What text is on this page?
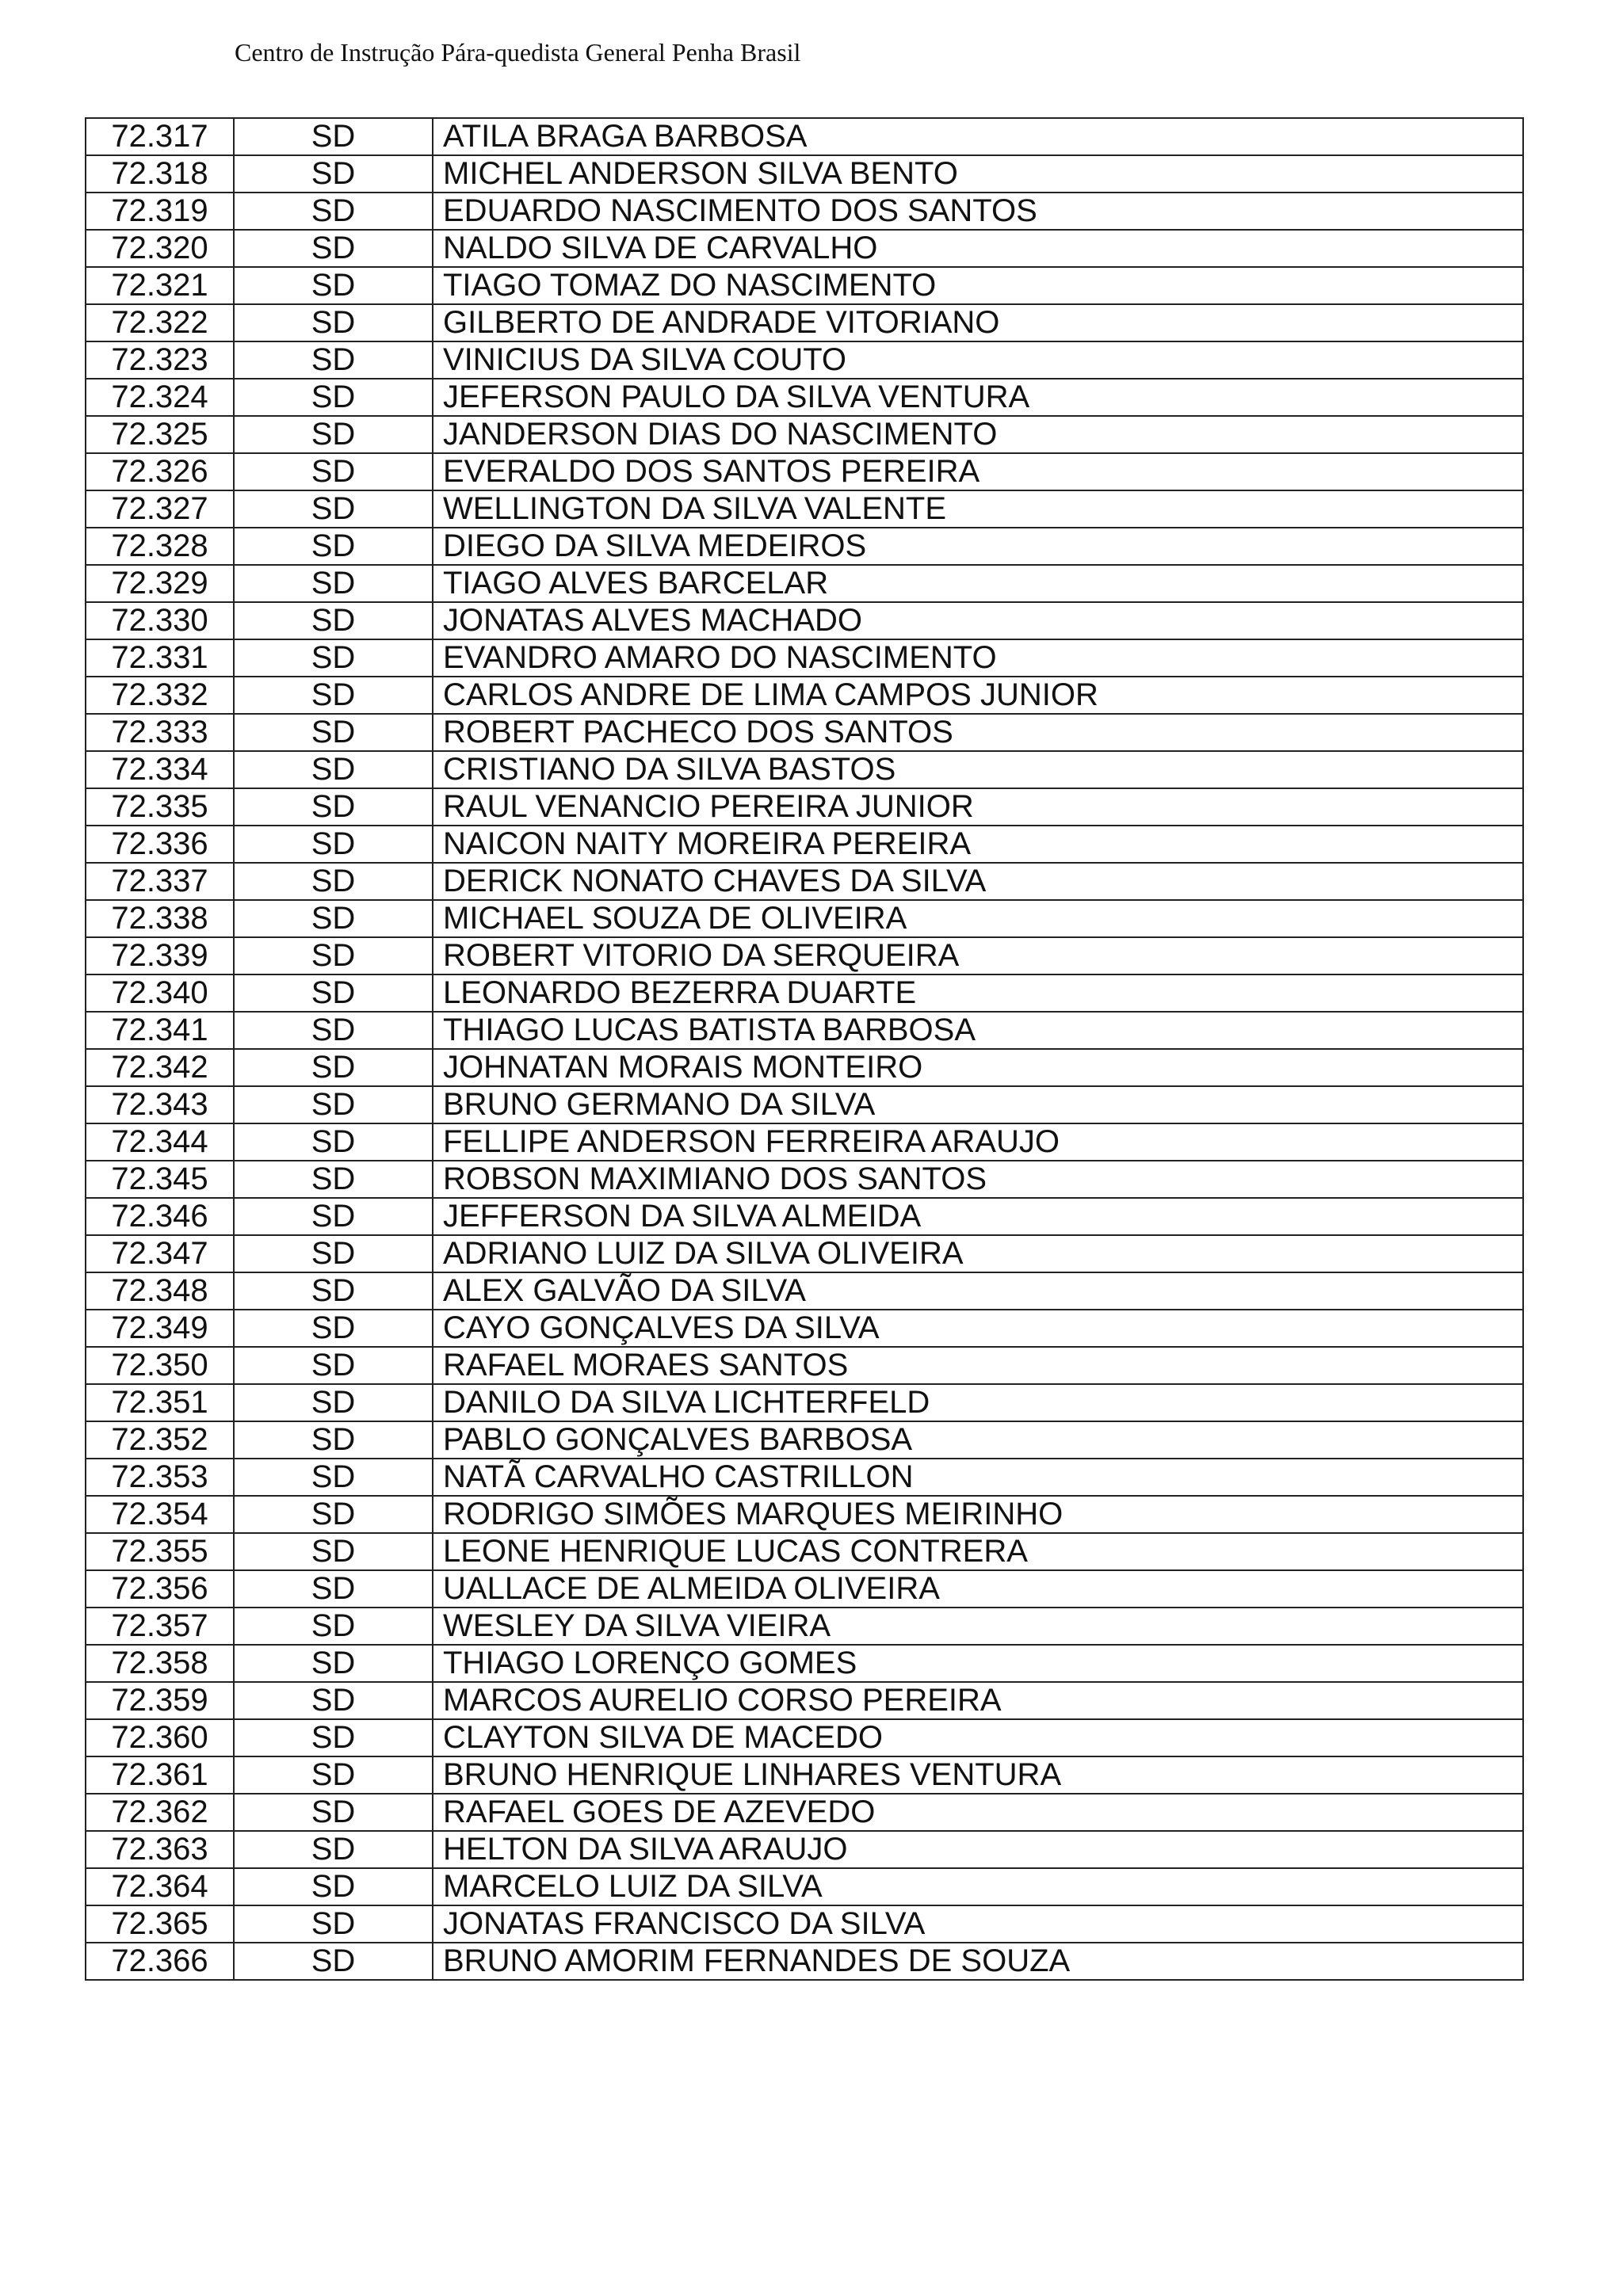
Centro de Instrução Pára-quedista General Penha Brasil
72.317	SD	ATILA BRAGA BARBOSA
72.318	SD	MICHEL ANDERSON SILVA BENTO
72.319	SD	EDUARDO NASCIMENTO DOS SANTOS
72.320	SD	NALDO SILVA DE CARVALHO
72.321	SD	TIAGO TOMAZ DO NASCIMENTO
72.322	SD	GILBERTO DE ANDRADE VITORIANO
72.323	SD	VINICIUS DA SILVA COUTO
72.324	SD	JEFERSON PAULO DA SILVA VENTURA
72.325	SD	JANDERSON DIAS DO NASCIMENTO
72.326	SD	EVERALDO DOS SANTOS PEREIRA
72.327	SD	WELLINGTON DA SILVA VALENTE
72.328	SD	DIEGO DA SILVA MEDEIROS
72.329	SD	TIAGO ALVES BARCELAR
72.330	SD	JONATAS ALVES MACHADO
72.331	SD	EVANDRO AMARO DO NASCIMENTO
72.332	SD	CARLOS ANDRE DE LIMA CAMPOS JUNIOR
72.333	SD	ROBERT PACHECO DOS SANTOS
72.334	SD	CRISTIANO DA SILVA BASTOS
72.335	SD	RAUL VENANCIO PEREIRA JUNIOR
72.336	SD	NAICON NAITY MOREIRA PEREIRA
72.337	SD	DERICK NONATO CHAVES DA SILVA
72.338	SD	MICHAEL SOUZA DE OLIVEIRA
72.339	SD	ROBERT VITORIO DA SERQUEIRA
72.340	SD	LEONARDO BEZERRA DUARTE
72.341	SD	THIAGO LUCAS BATISTA BARBOSA
72.342	SD	JOHNATAN MORAIS MONTEIRO
72.343	SD	BRUNO GERMANO DA SILVA
72.344	SD	FELLIPE ANDERSON FERREIRA ARAUJO
72.345	SD	ROBSON MAXIMIANO DOS SANTOS
72.346	SD	JEFFERSON DA SILVA ALMEIDA
72.347	SD	ADRIANO LUIZ DA SILVA OLIVEIRA
72.348	SD	ALEX GALVÃO DA SILVA
72.349	SD	CAYO GONÇALVES DA SILVA
72.350	SD	RAFAEL MORAES SANTOS
72.351	SD	DANILO DA SILVA LICHTERFELD
72.352	SD	PABLO GONÇALVES BARBOSA
72.353	SD	NATÃ CARVALHO CASTRILLON
72.354	SD	RODRIGO SIMÕES MARQUES MEIRINHO
72.355	SD	LEONE HENRIQUE LUCAS CONTRERA
72.356	SD	UALLACE DE ALMEIDA OLIVEIRA
72.357	SD	WESLEY DA SILVA VIEIRA
72.358	SD	THIAGO LORENÇO GOMES
72.359	SD	MARCOS AURELIO CORSO PEREIRA
72.360	SD	CLAYTON SILVA DE MACEDO
72.361	SD	BRUNO HENRIQUE LINHARES VENTURA
72.362	SD	RAFAEL GOES DE AZEVEDO
72.363	SD	HELTON DA SILVA ARAUJO
72.364	SD	MARCELO LUIZ DA SILVA
72.365	SD	JONATAS FRANCISCO DA SILVA
72.366	SD	BRUNO AMORIM FERNANDES DE SOUZA
